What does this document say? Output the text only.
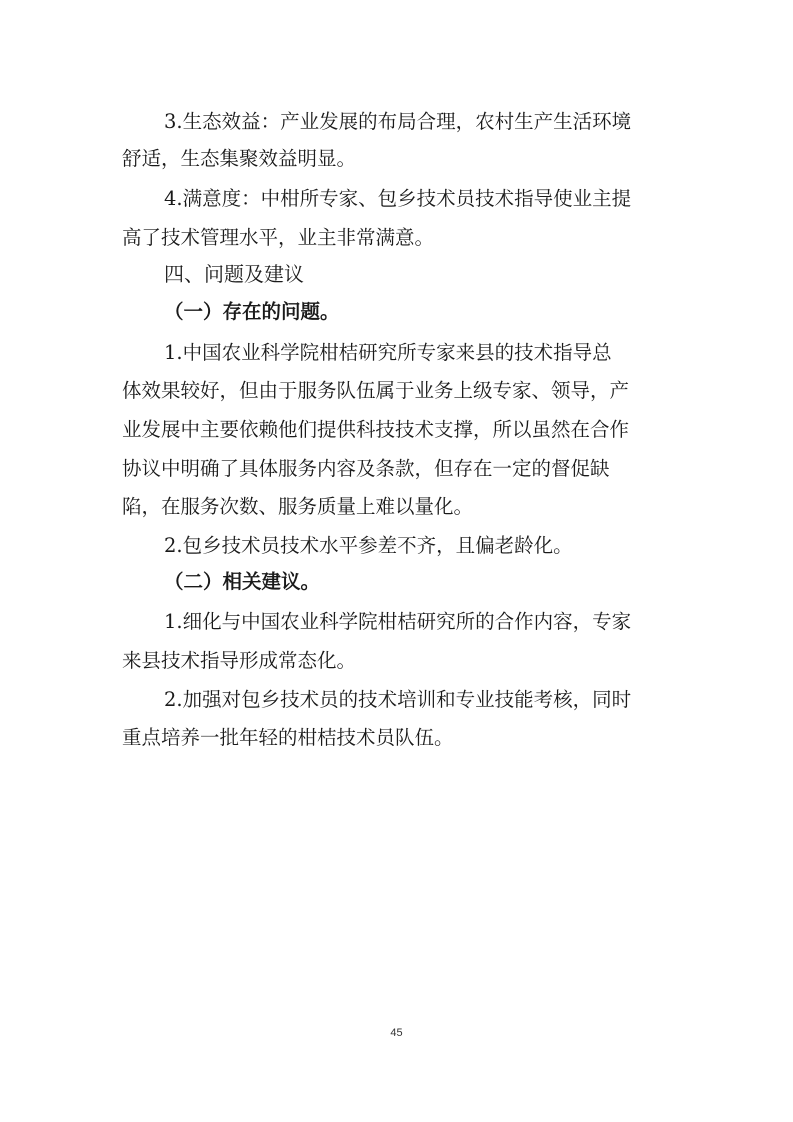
3.生态效益：产业发展的布局合理，农村生产生活环境

舒适，生态集聚效益明显。

4.满意度：中柑所专家、包乡技术员技术指导使业主提

高了技术管理水平，业主非常满意。

四、问题及建议

（一）存在的问题。

1.中国农业科学院柑桔研究所专家来县的技术指导总

体效果较好，但由于服务队伍属于业务上级专家、领导，产

业发展中主要依赖他们提供科技技术支撑，所以虽然在合作

协议中明确了具体服务内容及条款，但存在一定的督促缺

陷，在服务次数、服务质量上难以量化。

2.包乡技术员技术水平参差不齐，且偏老龄化。

（二）相关建议。

1.细化与中国农业科学院柑桔研究所的合作内容，专家

来县技术指导形成常态化。

2.加强对包乡技术员的技术培训和专业技能考核，同时

重点培养一批年轻的柑桔技术员队伍。

45
